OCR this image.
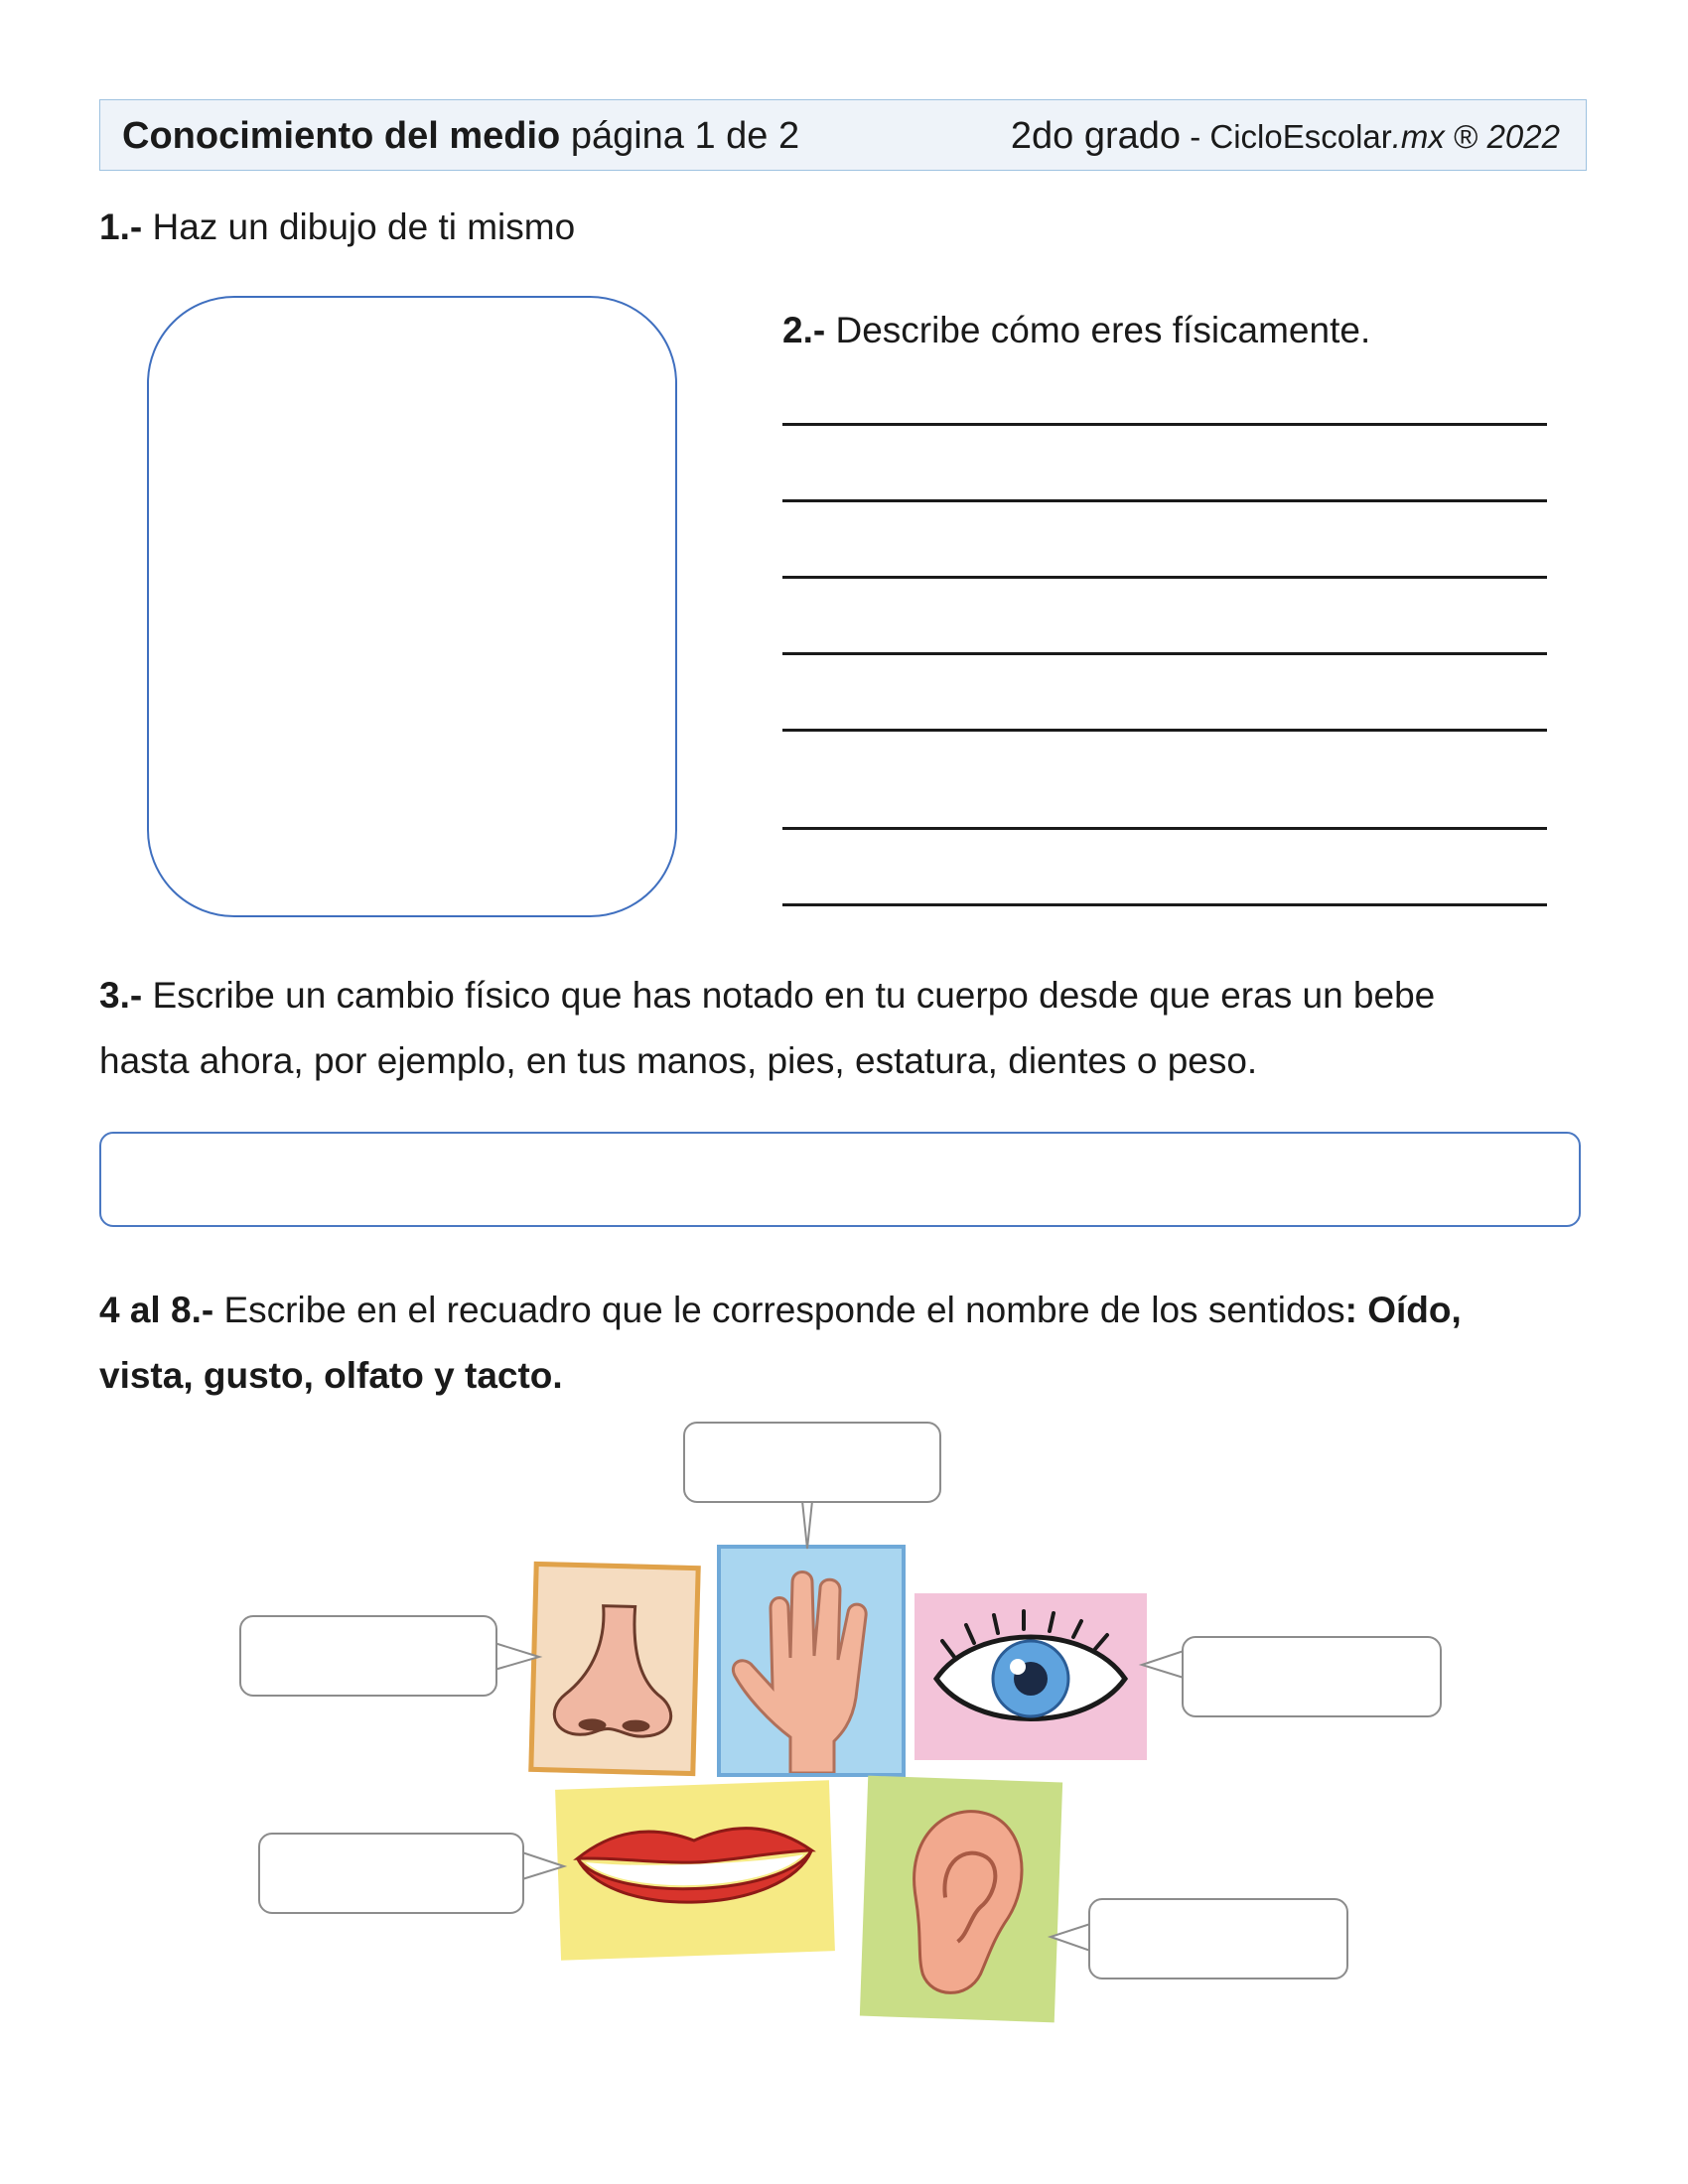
Conocimiento del medio página 1 de 2	2do grado - CicloEscolar.mx ® 2022
1.- Haz un dibujo de ti mismo
2.- Describe cómo eres físicamente.
3.- Escribe un cambio físico que has notado en tu cuerpo desde que eras un bebe
hasta ahora, por ejemplo, en tus manos, pies, estatura, dientes o peso.
4 al 8.- Escribe en el recuadro que le corresponde el nombre de los sentidos: Oído,
vista, gusto, olfato y tacto.
